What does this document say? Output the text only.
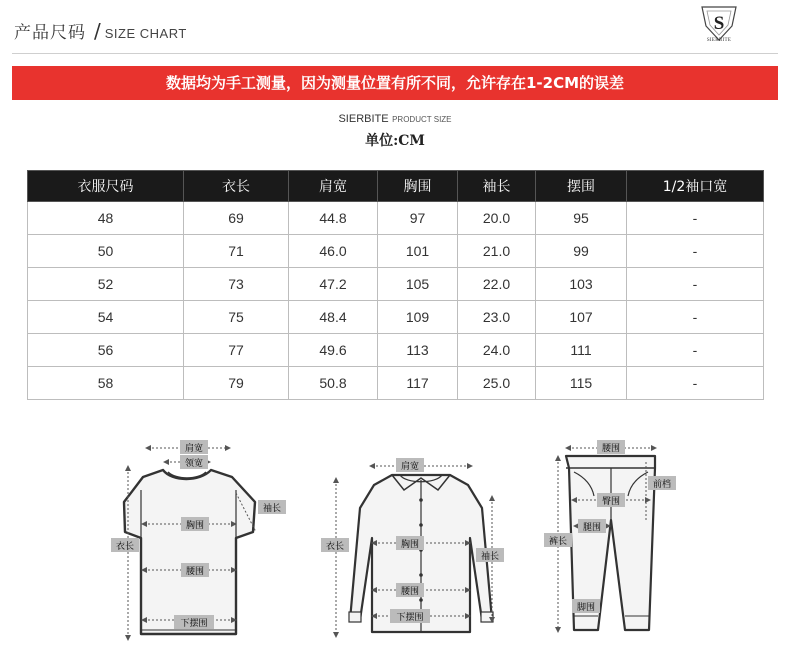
产品尺码 / SIZE CHART	S
SIERBITE
数据均为手工测量，因为测量位置有所不同，允许存在1-2CM的误差
SIERBITE PRODUCT SIZE
单位:CM
衣服尺码	衣长	肩宽	胸围	袖长	摆围	1/2袖口宽
48	69	44.8	97	20.0	95	-
50	71	46.0	101	21.0	99	-
52	73	47.2	105	22.0	103	-
54	75	48.4	109	23.0	107	-
56	77	49.6	113	24.0	111	-
58	79	50.8	117	25.0	115	-
肩宽
领宽
袖长
胸围
衣长
腰围
下摆围
肩宽
衣长	胸围
袖长
腰围
下摆围
腰围
前档
臀围
腿围
裤长
脚围
